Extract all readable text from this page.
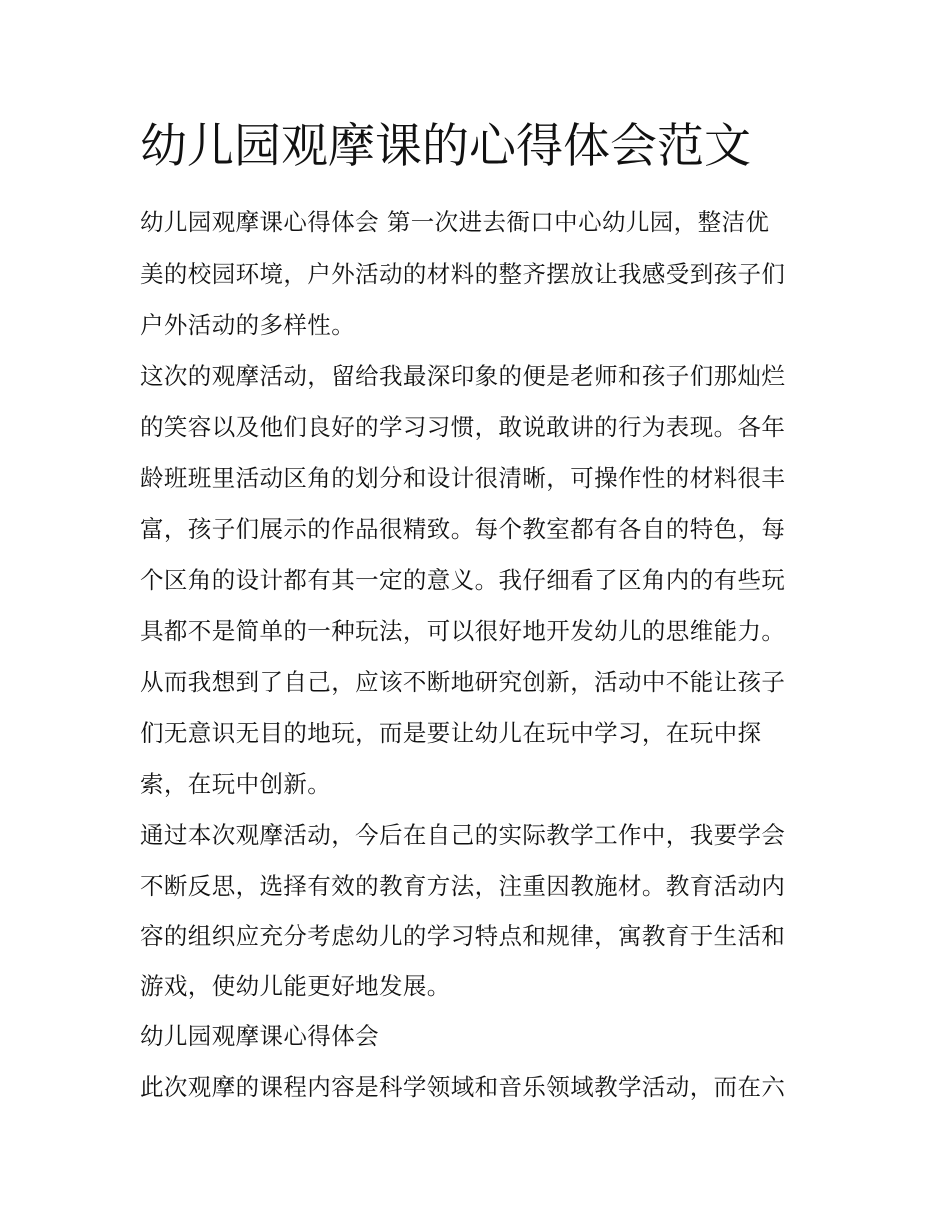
幼儿园观摩课的心得体会范文
幼儿园观摩课心得体会 第一次进去衙口中心幼儿园，整洁优
美的校园环境，户外活动的材料的整齐摆放让我感受到孩子们
户外活动的多样性。
这次的观摩活动，留给我最深印象的便是老师和孩子们那灿烂
的笑容以及他们良好的学习习惯，敢说敢讲的行为表现。各年
龄班班里活动区角的划分和设计很清晰，可操作性的材料很丰
富，孩子们展示的作品很精致。每个教室都有各自的特色，每
个区角的设计都有其一定的意义。我仔细看了区角内的有些玩
具都不是简单的一种玩法，可以很好地开发幼儿的思维能力。
从而我想到了自己，应该不断地研究创新，活动中不能让孩子
们无意识无目的地玩，而是要让幼儿在玩中学习，在玩中探
索，在玩中创新。
通过本次观摩活动，今后在自己的实际教学工作中，我要学会
不断反思，选择有效的教育方法，注重因教施材。教育活动内
容的组织应充分考虑幼儿的学习特点和规律，寓教育于生活和
游戏，使幼儿能更好地发展。
幼儿园观摩课心得体会
此次观摩的课程内容是科学领域和音乐领域教学活动，而在六
